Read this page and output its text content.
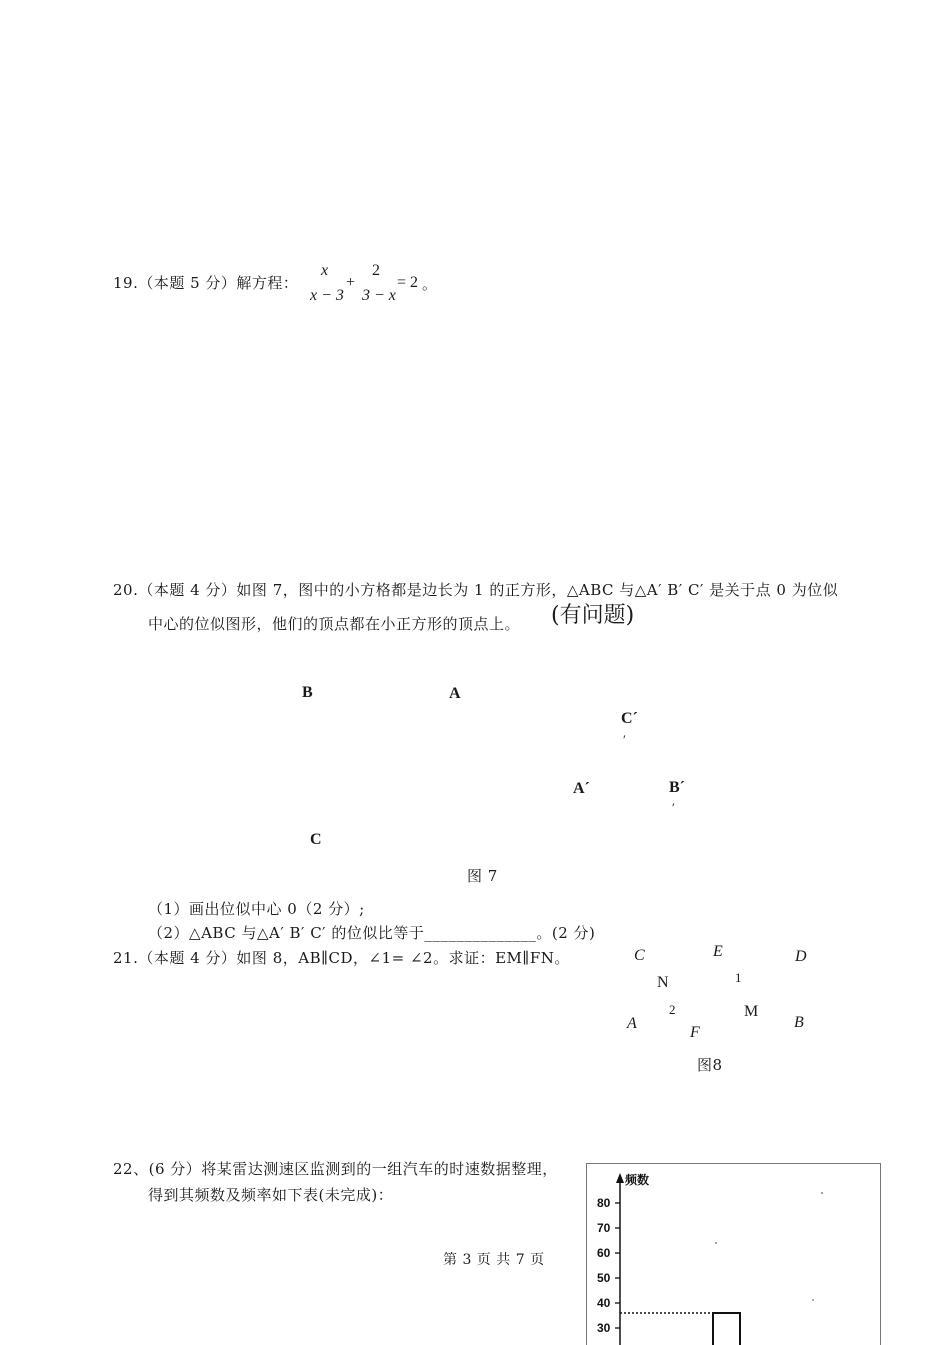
19.（本题 5 分）解方程：
x
x − 3
+
2
3 − x
= 2 。
20.（本题 4 分）如图 7，图中的小方格都是边长为 1 的正方形，△ABC 与△A′ B′ C′ 是关于点 0 为位似
中心的位似图形，他们的顶点都在小正方形的顶点上。 (有问题)
B	A
C´
′
A´	B´
′
C
图 7
（1）画出位似中心 0（2 分）;
（2）△ABC 与△A′ B′ C′ 的位似比等于______________。(2 分)
21.（本题 4 分）如图 8，AB∥CD，∠1= ∠2。求证：EM∥FN。	C	E	D
1
N
2	M
A	B
F
图8
22、(6 分）将某雷达测速区监测到的一组汽车的时速数据整理，
得到其频数及频率如下表(未完成)：
第 3 页 共 7 页
频数
30
40
50
60
70
80
